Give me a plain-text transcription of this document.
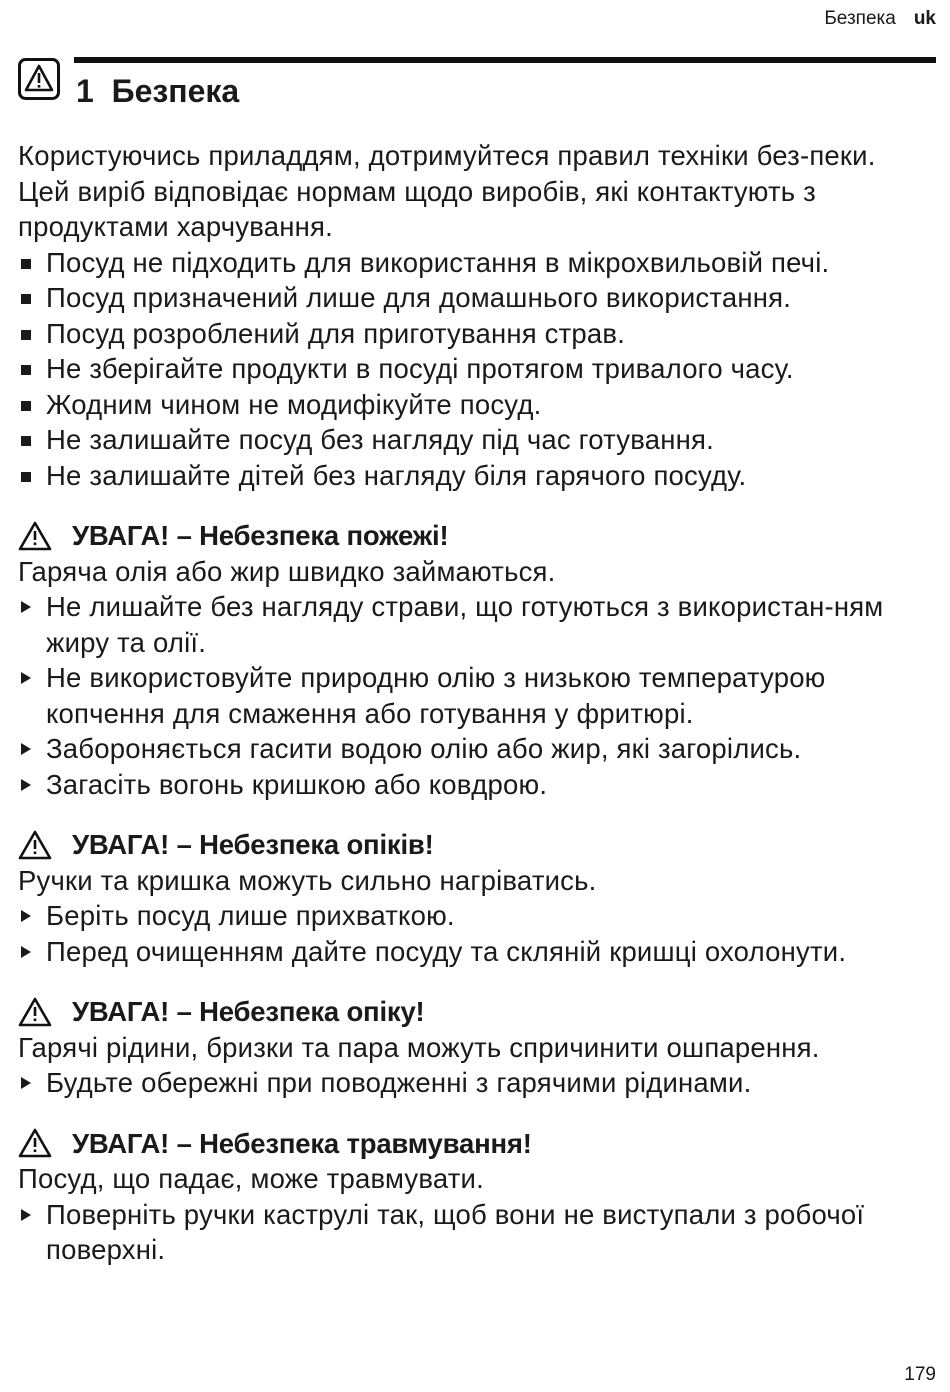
Безпека uk
1 Безпека

Користуючись приладдям, дотримуйтеся правил техніки без-пеки.

Цей виріб відповідає нормам щодо виробів, які контактують з продуктами харчування.

Посуд не підходить для використання в мікрохвильовій печі.
Посуд призначений лише для домашнього використання.
Посуд розроблений для приготування страв.
Не зберігайте продукти в посуді протягом тривалого часу.
Жодним чином не модифікуйте посуд.
Не залишайте посуд без нагляду під час готування.
Не залишайте дітей без нагляду біля гарячого посуду.
УВАГА! – Небезпека пожежі!

Гаряча олія або жир швидко займаються.

Не лишайте без нагляду страви, що готуються з використан-ням жиру та олії.
Не використовуйте природню олію з низькою температурою копчення для смаження або готування у фритюрі.
Забороняється гасити водою олію або жир, які загорілись.
Загасіть вогонь кришкою або ковдрою.
УВАГА! – Небезпека опіків!

Ручки та кришка можуть сильно нагріватись.

Беріть посуд лише прихваткою.
Перед очищенням дайте посуду та скляній кришці охолонути.
УВАГА! – Небезпека опіку!

Гарячі рідини, бризки та пара можуть спричинити ошпарення.

Будьте обережні при поводженні з гарячими рідинами.
УВАГА! – Небезпека травмування!

Посуд, що падає, може травмувати.

Поверніть ручки каструлі так, щоб вони не виступали з робочої поверхні.
179
